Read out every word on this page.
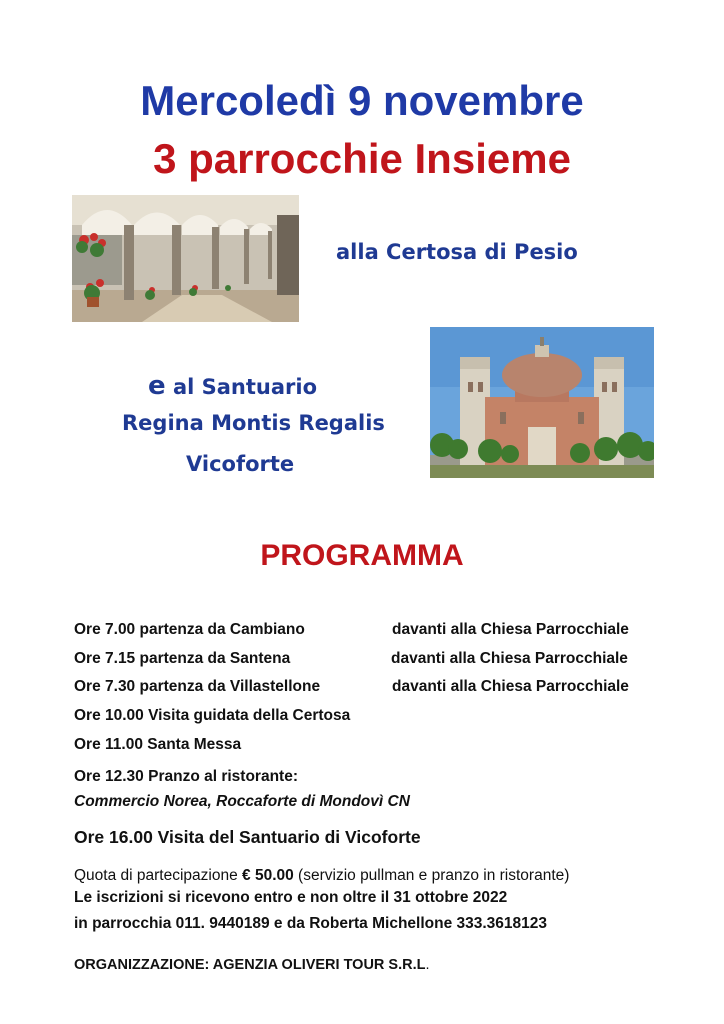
Mercoledì 9 novembre
3 parrocchie Insieme
alla Certosa di Pesio
e al Santuario
Regina Montis Regalis
Vicoforte
PROGRAMMA
Ore 7.00 partenza da Cambiano	davanti alla Chiesa Parrocchiale
Ore 7.15 partenza da Santena	davanti alla Chiesa Parrocchiale
Ore 7.30 partenza da Villastellone	davanti alla Chiesa Parrocchiale
Ore 10.00 Visita guidata della Certosa
Ore 11.00 Santa Messa
Ore 12.30 Pranzo al ristorante:
Commercio Norea, Roccaforte di Mondovì CN
Ore 16.00 Visita del Santuario di Vicoforte
Quota di partecipazione € 50.00 (servizio pullman e pranzo in ristorante)
Le iscrizioni si ricevono entro e non oltre il 31 ottobre 2022
in parrocchia 011. 9440189 e da Roberta Michellone 333.3618123
ORGANIZZAZIONE: AGENZIA OLIVERI TOUR S.R.L.
